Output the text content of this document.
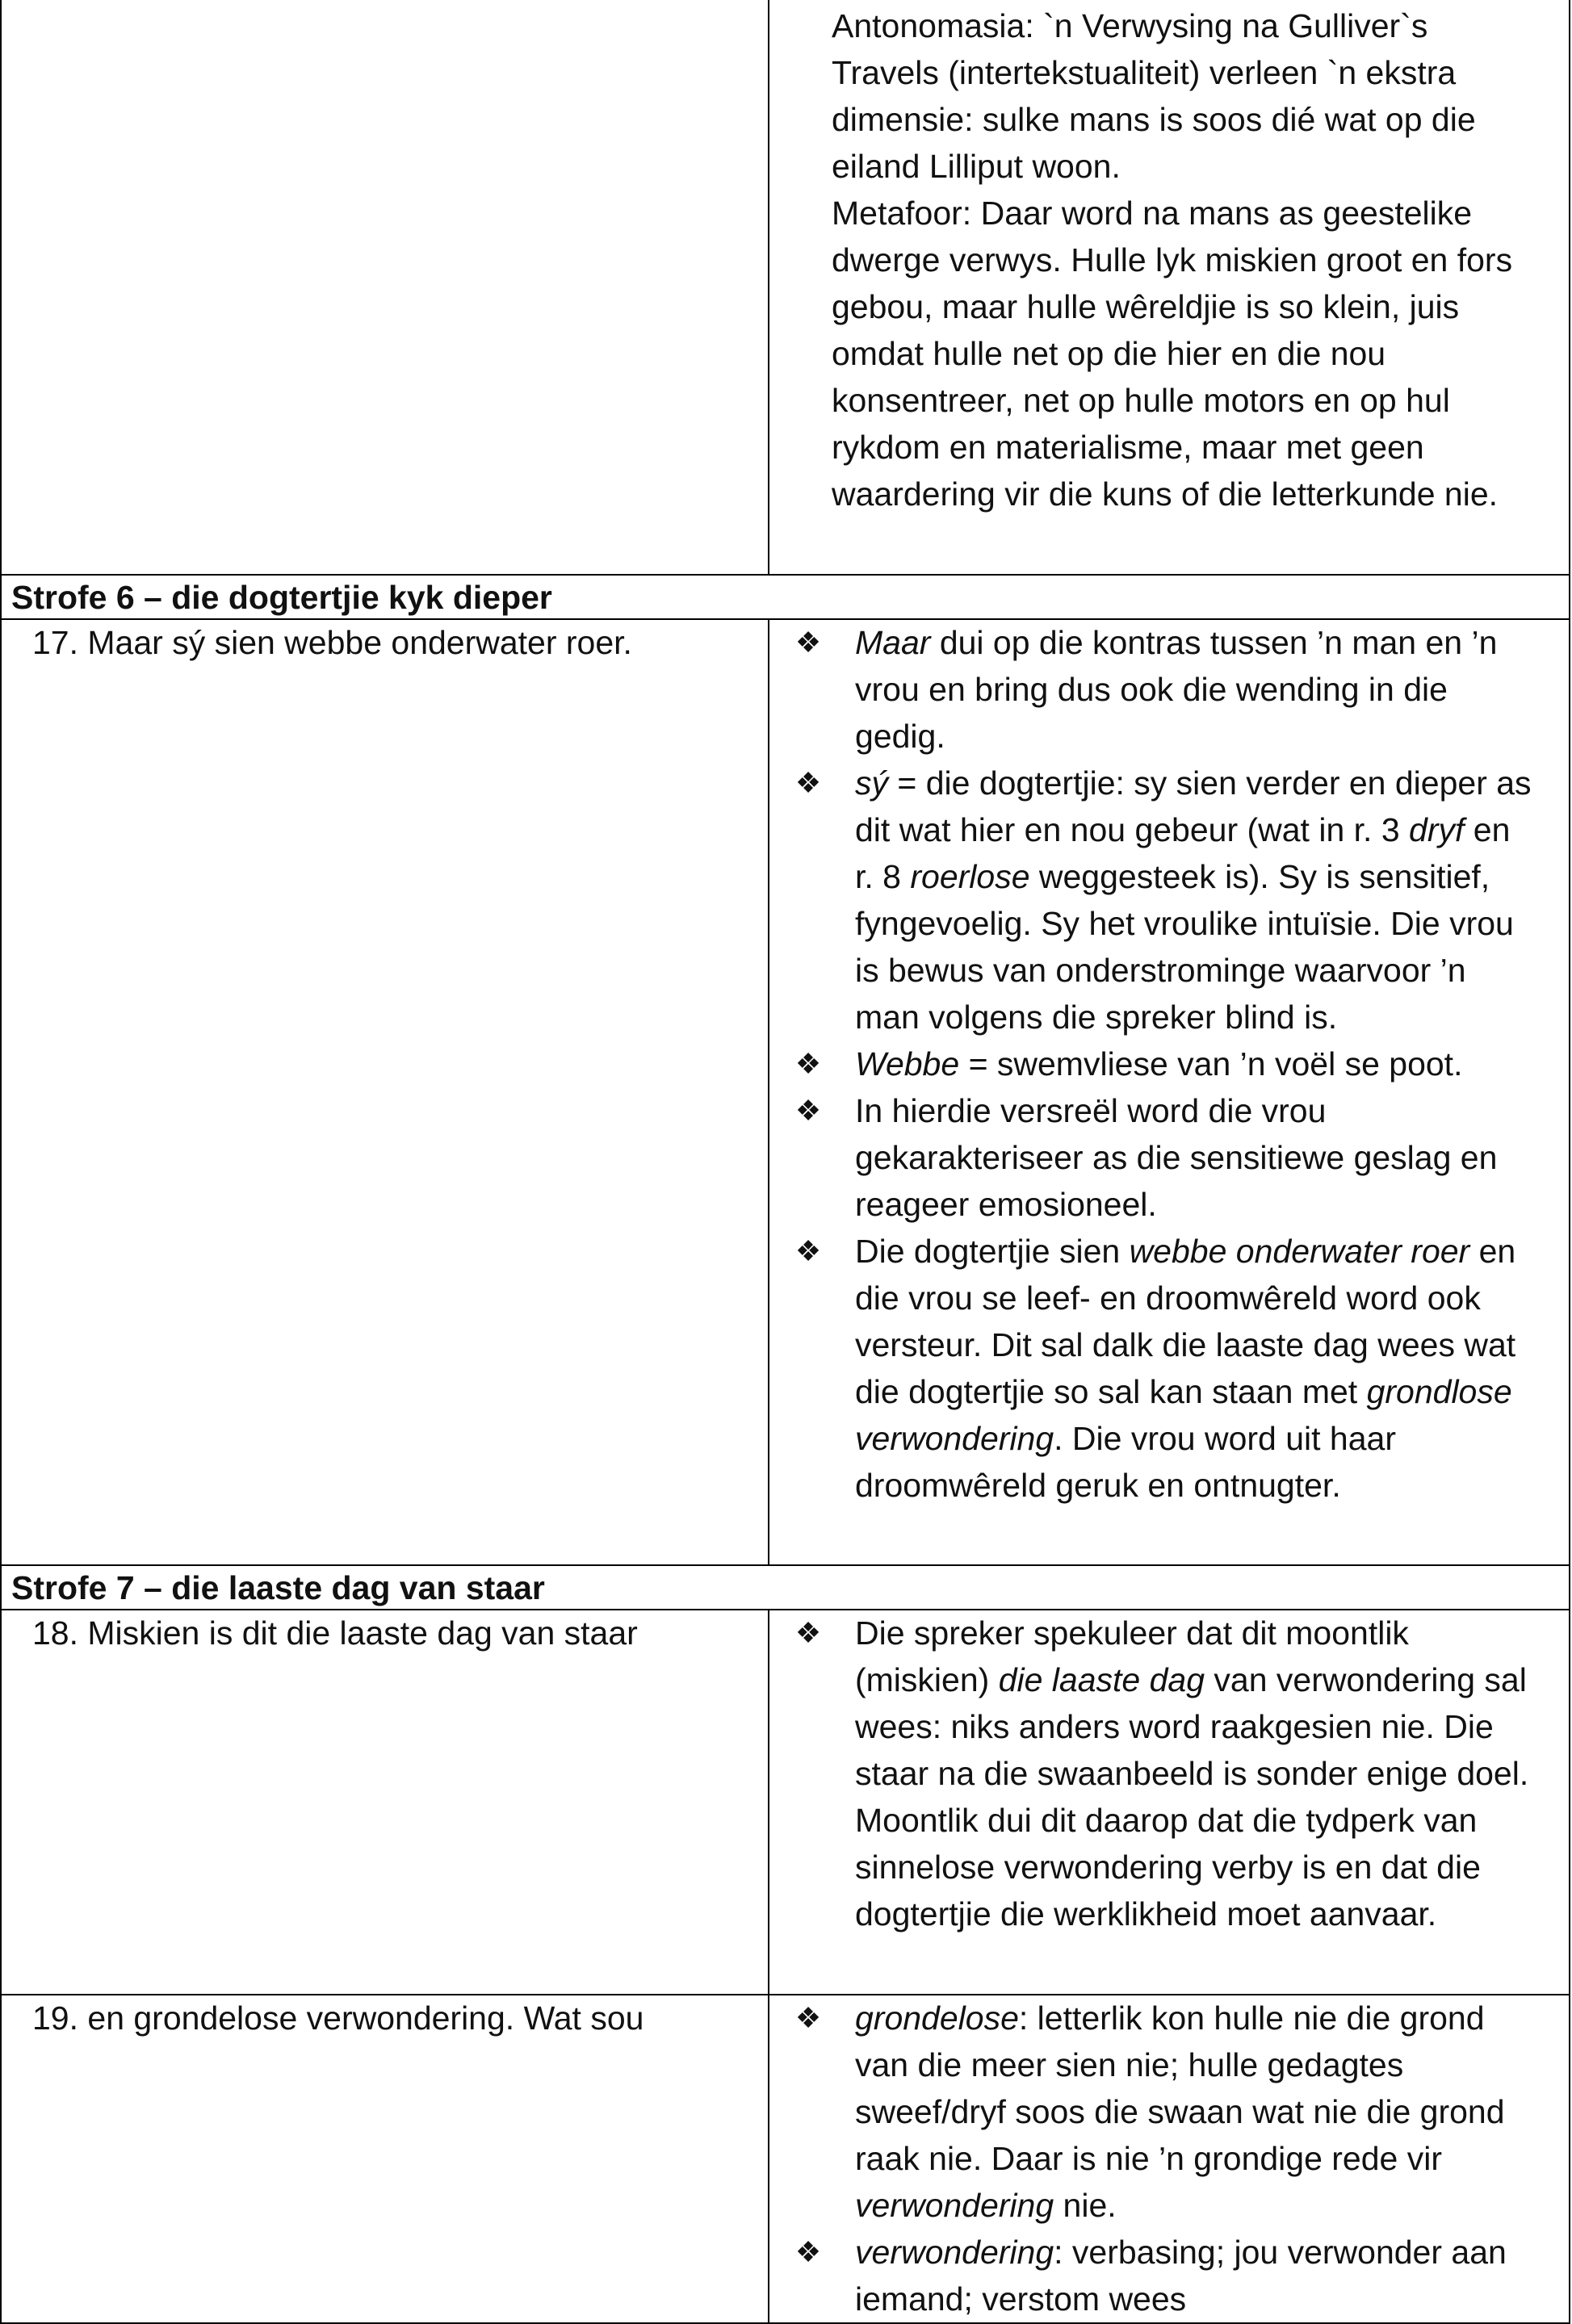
Antonomasia: `n Verwysing na Gulliver`s Travels (intertekstualiteit) verleen `n ekstra dimensie: sulke mans is soos dié wat op die eiland Lilliput woon.

Metafoor: Daar word na mans as geestelike dwerge verwys. Hulle lyk miskien groot en fors gebou, maar hulle wêreldjie is so klein, juis omdat hulle net op die hier en die nou konsentreer, net op hulle motors en op hul rykdom en materialisme, maar met geen waardering vir die kuns of die letterkunde nie.

Strofe 6 – die dogtertjie kyk dieper
17. Maar sý sien webbe onderwater roer.	❖	Maar dui op die kontras tussen ’n man en ’n vrou en bring dus ook die wending in die gedig.
❖	sý = die dogtertjie: sy sien verder en dieper as dit wat hier en nou gebeur (wat in r. 3 dryf en r. 8 roerlose weggesteek is). Sy is sensitief, fyngevoelig. Sy het vroulike intuïsie. Die vrou is bewus van onderstrominge waarvoor ’n man volgens die spreker blind is.
❖	Webbe = swemvliese van ’n voël se poot.
❖	In hierdie versreël word die vrou gekarakteriseer as die sensitiewe geslag en reageer emosioneel.
❖	Die dogtertjie sien webbe onderwater roer en die vrou se leef- en droomwêreld word ook versteur. Dit sal dalk die laaste dag wees wat die dogtertjie so sal kan staan met grondlose verwondering. Die vrou word uit haar droomwêreld geruk en ontnugter.
Strofe 7 – die laaste dag van staar
18. Miskien is dit die laaste dag van staar	❖	Die spreker spekuleer dat dit moontlik (miskien) die laaste dag van verwondering sal wees: niks anders word raakgesien nie. Die staar na die swaanbeeld is sonder enige doel. Moontlik dui dit daarop dat die tydperk van sinnelose verwondering verby is en dat die dogtertjie die werklikheid moet aanvaar.
19. en grondelose verwondering. Wat sou	❖	grondelose: letterlik kon hulle nie die grond van die meer sien nie; hulle gedagtes sweef/dryf soos die swaan wat nie die grond raak nie. Daar is nie ’n grondige rede vir verwondering nie.
❖	verwondering: verbasing; jou verwonder aan iemand; verstom wees
